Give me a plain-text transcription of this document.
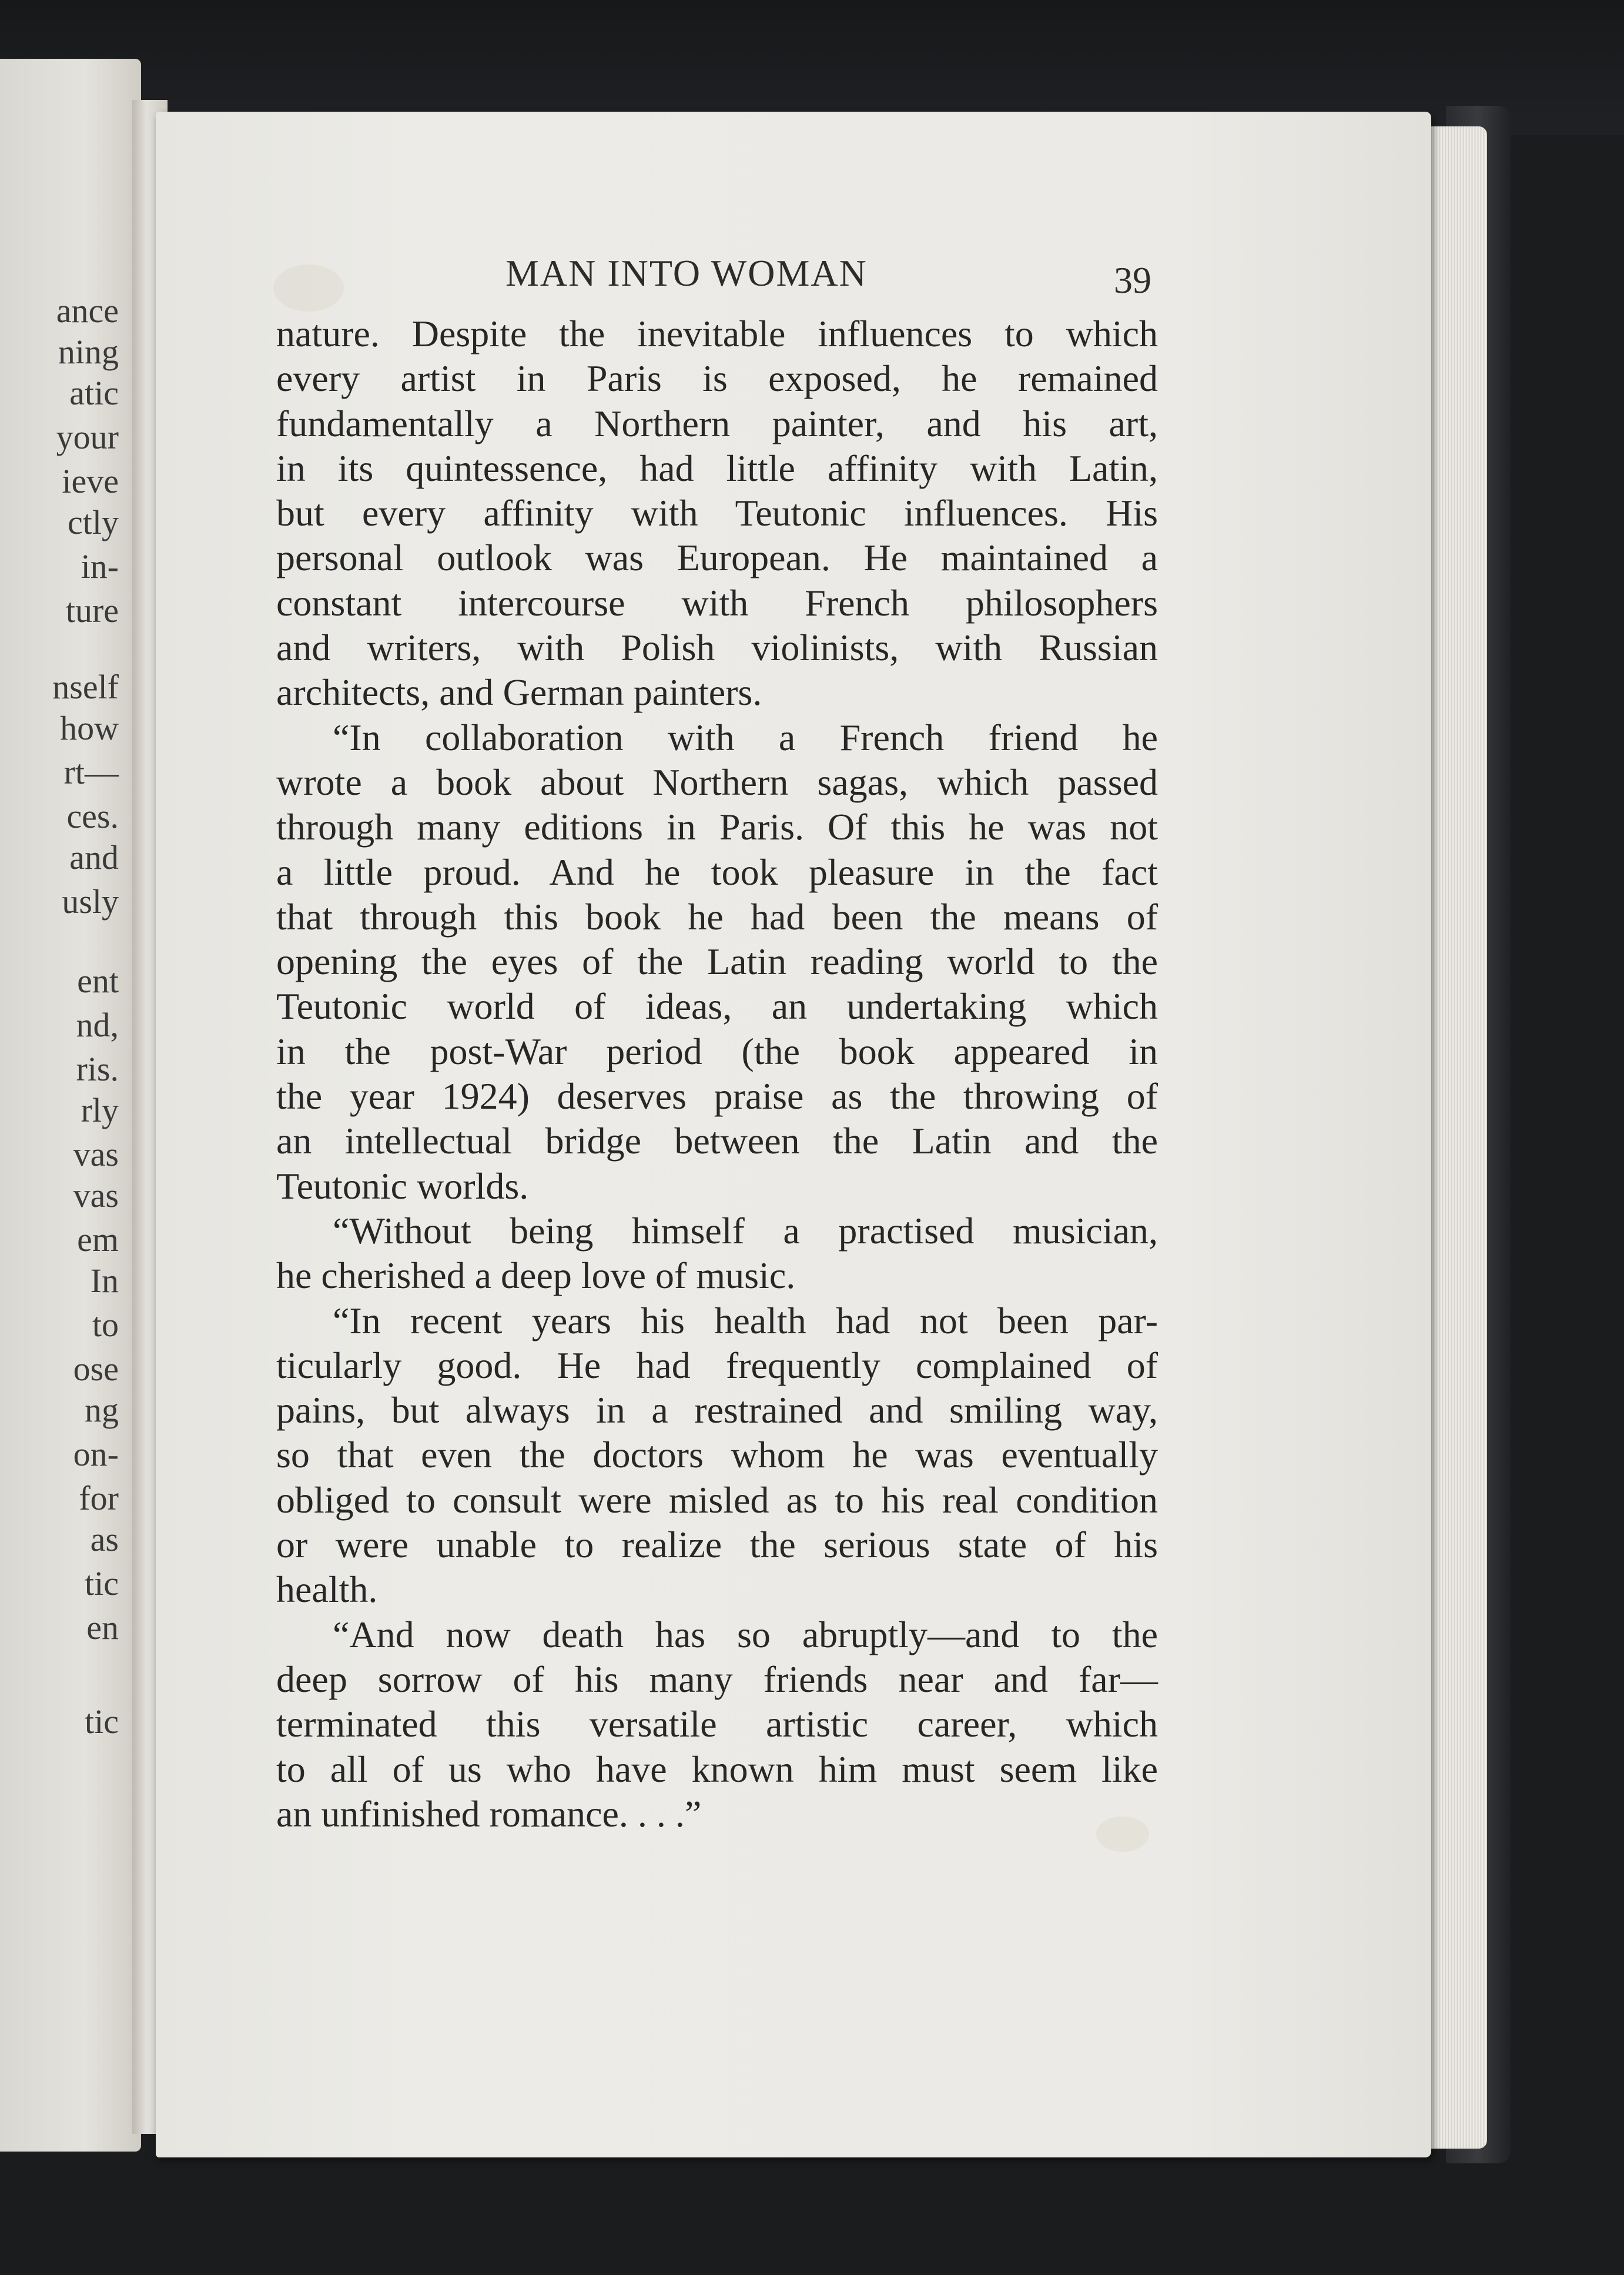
ance
ning
atic
your
ieve
ctly
in-
ture
nself
how
rt—
ces.
and
usly
ent
nd,
ris.
rly
vas
vas
em
In
to
ose
ng
on-
for
as
tic
en
tic
MAN INTO WOMAN	39
nature. Despite the inevitable influences to which
every artist in Paris is exposed, he remained
fundamentally a Northern painter, and his art,
in its quintessence, had little affinity with Latin,
but every affinity with Teutonic influences. His
personal outlook was European. He maintained a
constant intercourse with French philosophers
and writers, with Polish violinists, with Russian
architects, and German painters.
“In collaboration with a French friend he
wrote a book about Northern sagas, which passed
through many editions in Paris. Of this he was not
a little proud. And he took pleasure in the fact
that through this book he had been the means of
opening the eyes of the Latin reading world to the
Teutonic world of ideas, an undertaking which
in the post-War period (the book appeared in
the year 1924) deserves praise as the throwing of
an intellectual bridge between the Latin and the
Teutonic worlds.
“Without being himself a practised musician,
he cherished a deep love of music.
“In recent years his health had not been par-
ticularly good. He had frequently complained of
pains, but always in a restrained and smiling way,
so that even the doctors whom he was eventually
obliged to consult were misled as to his real condition
or were unable to realize the serious state of his
health.
“And now death has so abruptly—and to the
deep sorrow of his many friends near and far—
terminated this versatile artistic career, which
to all of us who have known him must seem like
an unfinished romance. . . .”
